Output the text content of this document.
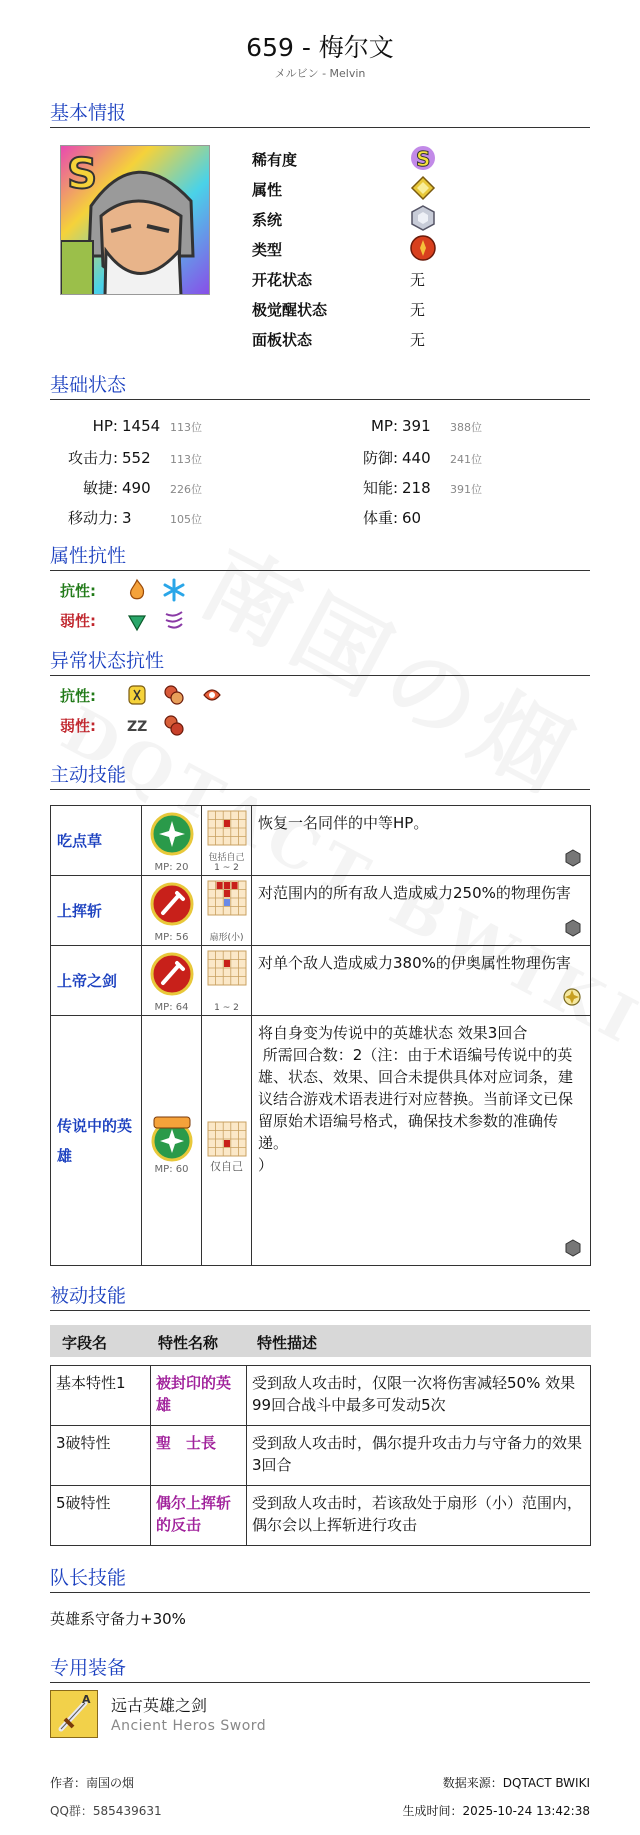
659 - 梅尔文
メルビン - Melvin
基本情报
S	稀有度	S
属性
系统
类型
开花状态	无
极觉醒状态	无
面板状态	无
基础状态
HP: 1454 113位	MP: 391 388位
攻击力: 552 113位	防御: 440 241位
敏捷: 490 226位	知能: 218 391位
移动力: 3	105位	体重: 60
属性抗性
抗性:
弱性:
异常状态抗性
抗性:
弱性: ZZ

主动技能
吃点草	MP: 20	包括自己
1 ~ 2	恢复一名同伴的中等HP。

上挥斩	MP: 56	扇形(小)	对范围内的所有敌人造成威力250%的物理伤害

上帝之剑	MP: 64	1 ~ 2	对单个敌人造成威力380%的伊奥属性物理伤害

传说中的英雄	MP: 60	仅自己	将自身变为传说中的英雄状态 效果3回合
所需回合数：2（注：由于术语编号传说中的英雄、状态、效果、回合未提供具体对应词条，建议结合游戏术语表进行对应替换。当前译文已保留原始术语编号格式，确保技术参数的准确传递。
）
被动技能
字段名	特性名称	特性描述
基本特性1	被封印的英雄	受到敌人攻击时，仅限一次将伤害减轻50% 效果99回合战斗中最多可发动5次
3破特性	聖　士長	受到敌人攻击时，偶尔提升攻击力与守备力的效果3回合
5破特性	偶尔上挥斩的反击	受到敌人攻击时，若该敌处于扇形（小）范围内，偶尔会以上挥斩进行攻击
队长技能
英雄系守备力+30%
专用装备
A 远古英雄之剑
Ancient Heros Sword
作者：南国の烟
QQ群：585439631
数据来源：DQTACT BWIKI
生成时间：2025-10-24 13:42:38
